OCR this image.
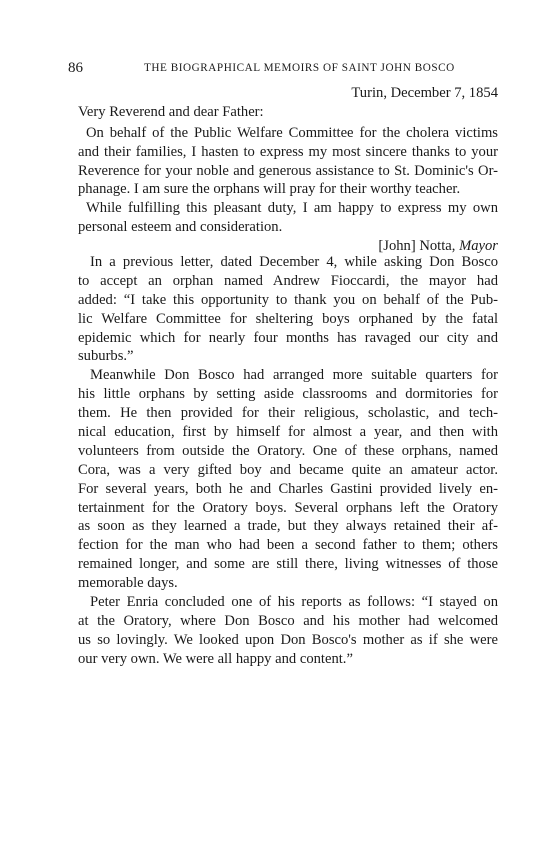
86	THE BIOGRAPHICAL MEMOIRS OF SAINT JOHN BOSCO
Turin, December 7, 1854
Very Reverend and dear Father:
On behalf of the Public Welfare Committee for the cholera victims
and their families, I hasten to express my most sincere thanks to your
Reverence for your noble and generous assistance to St. Dominic's Or-
phanage. I am sure the orphans will pray for their worthy teacher.
While fulfilling this pleasant duty, I am happy to express my own
personal esteem and consideration.
[John] Notta, Mayor
In a previous letter, dated December 4, while asking Don Bosco
to accept an orphan named Andrew Fioccardi, the mayor had
added: “I take this opportunity to thank you on behalf of the Pub-
lic Welfare Committee for sheltering boys orphaned by the fatal
epidemic which for nearly four months has ravaged our city and
suburbs.”
Meanwhile Don Bosco had arranged more suitable quarters for
his little orphans by setting aside classrooms and dormitories for
them. He then provided for their religious, scholastic, and tech-
nical education, first by himself for almost a year, and then with
volunteers from outside the Oratory. One of these orphans, named
Cora, was a very gifted boy and became quite an amateur actor.
For several years, both he and Charles Gastini provided lively en-
tertainment for the Oratory boys. Several orphans left the Oratory
as soon as they learned a trade, but they always retained their af-
fection for the man who had been a second father to them; others
remained longer, and some are still there, living witnesses of those
memorable days.
Peter Enria concluded one of his reports as follows: “I stayed on
at the Oratory, where Don Bosco and his mother had welcomed
us so lovingly. We looked upon Don Bosco's mother as if she were
our very own. We were all happy and content.”
